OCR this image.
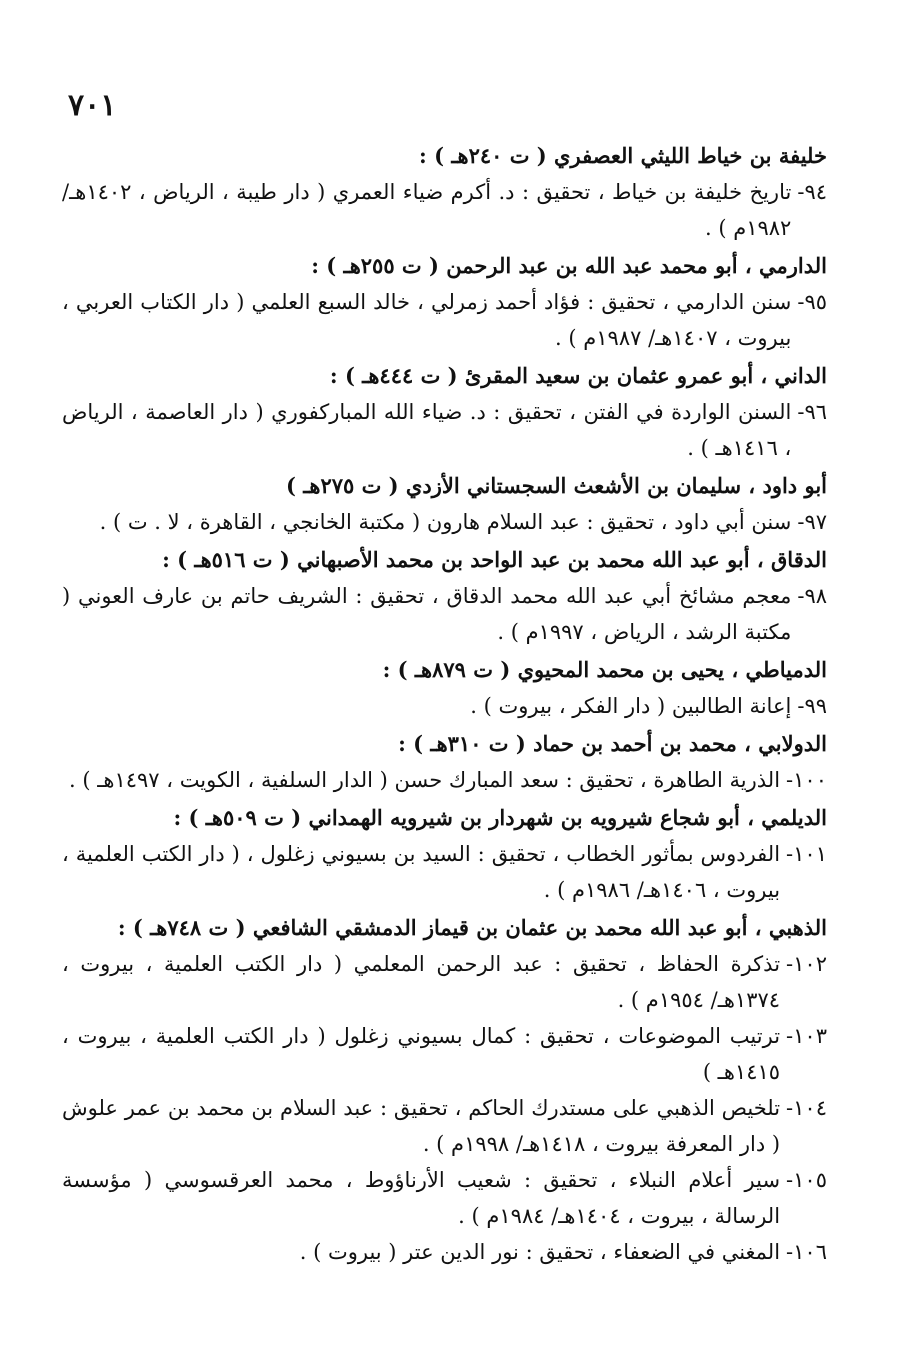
٧٠١

خليفة بن خياط الليثي العصفري ( ت ٢٤٠هـ ) :

٩٤-
تاريخ خليفة بن خياط ، تحقيق : د. أكرم ضياء العمري ( دار طيبة ، الرياض ، ١٤٠٢هـ/ ١٩٨٢م ) .

الدارمي ، أبو محمد عبد الله بن عبد الرحمن ( ت ٢٥٥هـ ) :

٩٥-
سنن الدارمي ، تحقيق : فؤاد أحمد زمرلي ، خالد السبع العلمي ( دار الكتاب العربي ، بيروت ، ١٤٠٧هـ/ ١٩٨٧م ) .

الداني ، أبو عمرو عثمان بن سعيد المقرئ ( ت ٤٤٤هـ ) :

٩٦-
السنن الواردة في الفتن ، تحقيق : د. ضياء الله المباركفوري ( دار العاصمة ، الرياض ، ١٤١٦هـ ) .

أبو داود ، سليمان بن الأشعث السجستاني الأزدي ( ت ٢٧٥هـ )

٩٧-
سنن أبي داود ، تحقيق : عبد السلام هارون ( مكتبة الخانجي ، القاهرة ، لا . ت ) .

الدقاق ، أبو عبد الله محمد بن عبد الواحد بن محمد الأصبهاني ( ت ٥١٦هـ ) :

٩٨-
معجم مشائخ أبي عبد الله محمد الدقاق ، تحقيق : الشريف حاتم بن عارف العوني ( مكتبة الرشد ، الرياض ، ١٩٩٧م ) .

الدمياطي ، يحيى بن محمد المحيوي ( ت ٨٧٩هـ ) :

٩٩-
إعانة الطالبين ( دار الفكر ، بيروت ) .

الدولابي ، محمد بن أحمد بن حماد ( ت ٣١٠هـ ) :

١٠٠-
الذرية الطاهرة ، تحقيق : سعد المبارك حسن ( الدار السلفية ، الكويت ، ١٤٩٧هـ ) .

الديلمي ، أبو شجاع شيرويه بن شهردار بن شيرويه الهمداني ( ت ٥٠٩هـ ) :

١٠١-
الفردوس بمأثور الخطاب ، تحقيق : السيد بن بسيوني زغلول ، ( دار الكتب العلمية ، بيروت ، ١٤٠٦هـ/ ١٩٨٦م ) .

الذهبي ، أبو عبد الله محمد بن عثمان بن قيماز الدمشقي الشافعي ( ت ٧٤٨هـ ) :

١٠٢-
تذكرة الحفاظ ، تحقيق : عبد الرحمن المعلمي ( دار الكتب العلمية ، بيروت ، ١٣٧٤هـ/ ١٩٥٤م ) .
١٠٣-
ترتيب الموضوعات ، تحقيق : كمال بسيوني زغلول ( دار الكتب العلمية ، بيروت ، ١٤١٥هـ )
١٠٤-
تلخيص الذهبي على مستدرك الحاكم ، تحقيق : عبد السلام بن محمد بن عمر علوش ( دار المعرفة بيروت ، ١٤١٨هـ/ ١٩٩٨م ) .
١٠٥-
سير أعلام النبلاء ، تحقيق : شعيب الأرناؤوط ، محمد العرقسوسي ( مؤسسة الرسالة ، بيروت ، ١٤٠٤هـ/ ١٩٨٤م ) .
١٠٦-
المغني في الضعفاء ، تحقيق : نور الدين عتر ( بيروت ) .
